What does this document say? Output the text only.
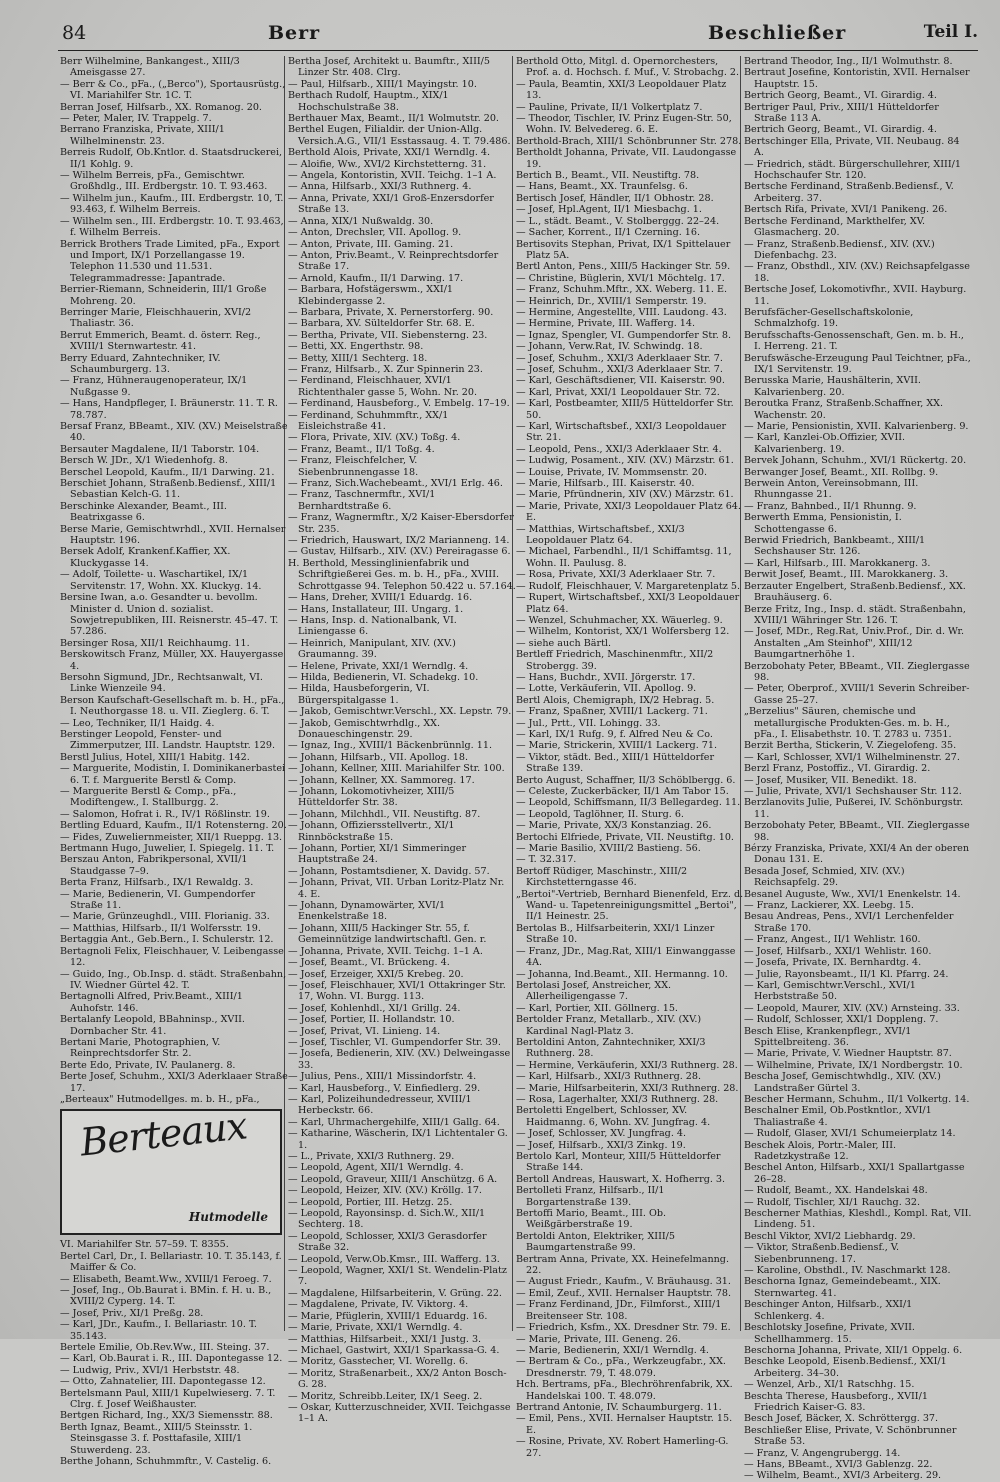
84	Berr	Beschließer	Teil I.

Berr Wilhelmine, Bankangest., XIII/3 Ameisgasse 27.

— Berr & Co., pFa., („Berco"), Sportausrüstg., VI. Mariahilfer Str. 1C. T.

Berran Josef, Hilfsarb., XX. Romanog. 20.

— Peter, Maler, IV. Trappelg. 7.

Berrano Franziska, Private, XIII/1 Wilhelminenstr. 23.

Berreis Rudolf, Ob.Kntlor. d. Staatsdruckerei, II/1 Kohlg. 9.

— Wilhelm Berreis, pFa., Gemischtwr. Großhdlg., III. Erdbergstr. 10. T. 93.463.

— Wilhelm jun., Kaufm., III. Erdbergstr. 10, T. 93.463, f. Wilhelm Berreis.

— Wilhelm sen., III. Erdbergstr. 10. T. 93.463, f. Wilhelm Berreis.

Berrick Brothers Trade Limited, pFa., Export und Import, IX/1 Porzellangasse 19. Telephon 11.530 und 11.531. Telegrammadresse: Japantrade.

Berrier-Riemann, Schneiderin, III/1 Große Mohreng. 20.

Berringer Marie, Fleischhauerin, XVI/2 Thaliastr. 36.

Berrut Emmerich, Beamt. d. österr. Reg., XVIII/1 Sternwartestr. 41.

Berry Eduard, Zahntechniker, IV. Schaumburgerg. 13.

— Franz, Hühneraugenoperateur, IX/1 Nußgasse 9.

— Hans, Handpfleger, I. Bräunerstr. 11. T. R. 78.787.

Bersaf Franz, BBeamt., XIV. (XV.) Meiselstraße 40.

Bersauter Magdalene, II/1 Taborstr. 104.

Bersch W. JDr., X/1 Wiedenhofg. 8.

Berschel Leopold, Kaufm., II/1 Darwing. 21.

Berschiet Johann, Straßenb.Bediensf., XIII/1 Sebastian Kelch-G. 11.

Berschinke Alexander, Beamt., III. Beatrixgasse 6.

Berse Marie, Gemischtwrhdl., XVII. Hernalser Hauptstr. 196.

Bersek Adolf, Krankenf.Kaffier, XX. Kluckygasse 14.

— Adolf, Toilette- u. Waschartikel, IX/1 Servitenstr. 17, Wohn. XX. Kluckyg. 14.

Bersine Iwan, a.o. Gesandter u. bevollm. Minister d. Union d. sozialist. Sowjetrepubliken, III. Reisnerstr. 45–47. T. 57.286.

Bersinger Rosa, XII/1 Reichhaumg. 11.

Berskowitsch Franz, Müller, XX. Hauyergasse 4.

Bersohn Sigmund, JDr., Rechtsanwalt, VI. Linke Wienzeile 94.

Berson Kaufschaft-Gesellschaft m. b. H., pFa., I. Neuthorgasse 18. u. VII. Zieglerg. 6. T.

— Leo, Techniker, II/1 Haidg. 4.

Berstinger Leopold, Fenster- und Zimmerputzer, III. Landstr. Hauptstr. 129.

Berstl Julius, Hotel, XIII/1 Habitg. 142.

— Marguerite, Modistin, I. Dominikanerbastei 6. T. f. Marguerite Berstl & Comp.

— Marguerite Berstl & Comp., pFa., Modiftengew., I. Stallburgg. 2.

— Salomon, Hofrat i. R., IV/1 Rößlinstr. 19.

Bertling Eduard, Kaufm., II/1 Rotensterng. 20.

— Fides, Zuweliernmeister, XII/1 Rueppg. 13.

Bertmann Hugo, Juwelier, I. Spiegelg. 11. T.

Berszau Anton, Fabrikpersonal, XVII/1 Staudgasse 7–9.

Berta Franz, Hilfsarb., IX/1 Rewaldg. 3.

— Marie, Bedienerin, VI. Gumpendorfer Straße 11.

— Marie, Grünzeughdl., VIII. Florianig. 33.

— Matthias, Hilfsarb., II/1 Wolfersstr. 19.

Bertaggia Ant., Geb.Bern., I. Schulerstr. 12.

Bertagnoli Felix, Fleischhauer, V. Leibengasse 12.

— Guido, Ing., Ob.Insp. d. städt. Straßenbahn, IV. Wiedner Gürtel 42. T.

Bertagnolli Alfred, Priv.Beamt., XIII/1 Auhofstr. 146.

Bertalanfy Leopold, BBahninsp., XVII. Dornbacher Str. 41.

Bertani Marie, Photographien, V. Reinprechtsdorfer Str. 2.

Berte Edo, Private, IV. Paulanerg. 8.

Berte Josef, Schuhm., XXI/3 Aderklaaer Straße 17.

„Berteaux" Hutmodellges. m. b. H., pFa.,

Berteaux
Hutmodelle

VI. Mariahilfer Str. 57–59. T. 8355.

Bertel Carl, Dr., I. Bellariastr. 10. T. 35.143, f. Maiffer & Co.

— Elisabeth, Beamt.Ww., XVIII/1 Feroeg. 7.

— Josef, Ing., Ob.Baurat i. BMin. f. H. u. B., XVIII/2 Cyperg. 14. T.

— Josef, Priv., XI/1 Preßg. 28.

— Karl, JDr., Kaufm., I. Bellariastr. 10. T. 35.143.

Bertele Emilie, Ob.Rev.Ww., III. Steing. 37.

— Karl, Ob.Baurat i. R., III. Dapontegasse 12.

— Ludwig, Priv., XVI/1 Herbststr. 48.

— Otto, Zahnatelier, III. Dapontegasse 12.

Bertelsmann Paul, XIII/1 Kupelwieserg. 7. T. Clrg. f. Josef Weißhauster.

Bertgen Richard, Ing., XX/3 Siemensstr. 88.

Berth Ignaz, Beamt., XIII/5 Steinsstr. 1. Steinsgasse 3. f. Posttafasile, XIII/1 Stuwerdeng. 23.

Berthe Johann, Schuhmmftr., V. Castelig. 6.

Bertha Josef, Architekt u. Baumftr., XIII/5 Linzer Str. 408. Clrg.

— Paul, Hilfsarb., XIII/1 Mayingstr. 10.

Berthach Rudolf, Hauptm., XIX/1 Hochschulstraße 38.

Berthauer Max, Beamt., II/1 Wolmutstr. 20.

Berthel Eugen, Filialdir. der Union-Allg. Versich.A.G., VII/1 Esstassaug. 4. T. 79.486.

Berthold Alois, Private, XXI/1 Werndlg. 4.

— Aloifie, Ww., XVI/2 Kirchstetterng. 31.

— Angela, Kontoristin, XVII. Teichg. 1–1 A.

— Anna, Hilfsarb., XXI/3 Ruthnerg. 4.

— Anna, Private, XXI/1 Groß-Enzersdorfer Straße 13.

— Anna, XIX/1 Nußwaldg. 30.

— Anton, Drechsler, VII. Apollog. 9.

— Anton, Private, III. Gaming. 21.

— Anton, Priv.Beamt., V. Reinprechtsdorfer Straße 17.

— Arnold, Kaufm., II/1 Darwing. 17.

— Barbara, Hofstägerswm., XXI/1 Klebindergasse 2.

— Barbara, Private, X. Pernerstorferg. 90.

— Barbara, XV. Sülteldorfer Str. 68. E.

— Bertha, Private, VII. Siebensterng. 23.

— Betti, XX. Engerthstr. 98.

— Betty, XIII/1 Sechterg. 18.

— Franz, Hilfsarb., X. Zur Spinnerin 23.

— Ferdinand, Fleischhauer, XVI/1 Richtenthaler gasse 5, Wohn. Nr. 20.

— Ferdinand, Hausbeforg., V. Embelg. 17–19.

— Ferdinand, Schuhmmftr., XX/1 Eisleichstraße 41.

— Flora, Private, XIV. (XV.) Toßg. 4.

— Franz, Beamt., II/1 Toßg. 4.

— Franz, Fleischfelcher, V. Siebenbrunnengasse 18.

— Franz, Sich.Wachebeamt., XVI/1 Erlg. 46.

— Franz, Taschnermftr., XVI/1 Bernhardtstraße 6.

— Franz, Wagnermftr., X/2 Kaiser-Ebersdorfer Str. 235.

— Friedrich, Hauswart, IX/2 Marianneng. 14.

— Gustav, Hilfsarb., XIV. (XV.) Pereiragasse 6.

H. Berthold, Messinglinienfabrik und Schriftgießerei Ges. m. b. H., pFa., XVIII. Schrottgasse 94. Telephon 50.422 u. 57.164.

— Hans, Dreher, XVIII/1 Eduardg. 16.

— Hans, Installateur, III. Ungarg. 1.

— Hans, Insp. d. Nationalbank, VI. Liniengasse 6.

— Heinrich, Manipulant, XIV. (XV.) Graumanng. 39.

— Helene, Private, XXI/1 Werndlg. 4.

— Hilda, Bedienerin, VI. Schadekg. 10.

— Hilda, Hausbeforgerin, VI. Bürgerspitalgasse 1.

— Jakob, Gemischtwr.Verschl., XX. Lepstr. 79.

— Jakob, Gemischtwrhdlg., XX. Donaueschingenstr. 29.

— Ignaz, Ing., XVIII/1 Bäckenbrünnlg. 11.

— Johann, Hilfsarb., VII. Apollog. 18.

— Johann, Kellner, XIII. Mariahilfer Str. 100.

— Johann, Kellner, XX. Sammoreg. 17.

— Johann, Lokomotivheizer, XIII/5 Hütteldorfer Str. 38.

— Johann, Milchhdl., VII. Neustiftg. 87.

— Johann, Offiziersstellvertr., XI/1 Rinnböckstraße 15.

— Johann, Portier, XI/1 Simmeringer Hauptstraße 24.

— Johann, Postamtsdiener, X. Davidg. 57.

— Johann, Privat, VII. Urban Loritz-Platz Nr. 4. E.

— Johann, Dynamowärter, XVI/1 Enenkelstraße 18.

— Johann, XIII/5 Hackinger Str. 55, f. Gemeinnützige landwirtschaftl. Gen. r.

— Johanna, Private, XVII. Teichg. 1–1 A.

— Josef, Beamt., VI. Brückeng. 4.

— Josef, Erzeiger, XXI/5 Krebeg. 20.

— Josef, Fleischhauer, XVI/1 Ottakringer Str. 17, Wohn. VI. Burgg. 113.

— Josef, Kohlenhdl., XI/1 Grillg. 24.

— Josef, Portier, II. Hollandstr. 10.

— Josef, Privat, VI. Linieng. 14.

— Josef, Tischler, VI. Gumpendorfer Str. 39.

— Josefa, Bedienerin, XIV. (XV.) Delweingasse 33.

— Julius, Pens., XIII/1 Missindorfstr. 4.

— Karl, Hausbeforg., V. Einfiedlerg. 29.

— Karl, Polizeihundedresseur, XVIII/1 Herbeckstr. 66.

— Karl, Uhrmachergehilfe, XIII/1 Gallg. 64.

— Katharine, Wäscherin, IX/1 Lichtentaler G. 1.

— L., Private, XXI/3 Ruthnerg. 29.

— Leopold, Agent, XII/1 Werndlg. 4.

— Leopold, Graveur, XIII/1 Anschützg. 6 A.

— Leopold, Heizer, XIV. (XV.) Kröllg. 17.

— Leopold, Portier, III. Hetzg. 25.

— Leopold, Rayonsinsp. d. Sich.W., XII/1 Sechterg. 18.

— Leopold, Schlosser, XXI/3 Gerasdorfer Straße 32.

— Leopold, Verw.Ob.Kmsr., III. Wafferg. 13.

— Leopold, Wagner, XXI/1 St. Wendelin-Platz 7.

— Magdalene, Hilfsarbeiterin, V. Grüng. 22.

— Magdalene, Private, IV. Viktorg. 4.

— Marie, Pfüglerin, XVIII/1 Eduardg. 16.

— Marie, Private, XXI/1 Werndlg. 4.

— Matthias, Hilfsarbeit., XXI/1 Justg. 3.

— Michael, Gastwirt, XXI/1 Sparkassa-G. 4.

— Moritz, Gasstecher, VI. Worellg. 6.

— Moritz, Straßenarbeit., XX/2 Anton Bosch-G. 28.

— Moritz, Schreibb.Leiter, IX/1 Seeg. 2.

— Oskar, Kutterzuschneider, XVII. Teichgasse 1–1 A.

Berthold Otto, Mitgl. d. Opernorchesters, Prof. a. d. Hochsch. f. Muf., V. Strobachg. 2.

— Paula, Beamtin, XXI/3 Leopoldauer Platz 13.

— Pauline, Private, II/1 Volkertplatz 7.

— Theodor, Tischler, IV. Prinz Eugen-Str. 50, Wohn. IV. Belvedereg. 6. E.

Berthold-Brach, XIII/1 Schönbrunner Str. 278.

Bertholdt Johanna, Private, VII. Laudongasse 19.

Bertich B., Beamt., VII. Neustiftg. 78.

— Hans, Beamt., XX. Traunfelsg. 6.

Bertisch Josef, Händler, II/1 Obhostr. 28.

— Josef, Hpl.Agent, II/1 Miesbachg. 1.

— L., städt. Beamt., V. Stolberggg. 22–24.

— Sacher, Korrent., II/1 Czerning. 16.

Bertisovits Stephan, Privat, IX/1 Spittelauer Platz 5A.

Bertl Anton, Pens., XIII/5 Hackinger Str. 59.

— Christine, Büglerin, XVI/1 Möchtelg. 17.

— Franz, Schuhm.Mftr., XX. Weberg. 11. E.

— Heinrich, Dr., XVIII/1 Semperstr. 19.

— Hermine, Angestellte, VIII. Laudong. 43.

— Hermine, Private, III. Wafferg. 14.

— Ignaz, Spengler, VI. Gumpendorfer Str. 8.

— Johann, Verw.Rat, IV. Schwindg. 18.

— Josef, Schuhm., XXI/3 Aderklaaer Str. 7.

— Josef, Schuhm., XXI/3 Aderklaaer Str. 7.

— Karl, Geschäftsdiener, VII. Kaiserstr. 90.

— Karl, Privat, XXI/1 Leopoldauer Str. 72.

— Karl, Postbeamter, XIII/5 Hütteldorfer Str. 50.

— Karl, Wirtschaftsbef., XXI/3 Leopoldauer Str. 21.

— Leopold, Pens., XXI/3 Aderklaaer Str. 4.

— Ludwig, Posament., XIV. (XV.) Märzstr. 61.

— Louise, Private, IV. Mommsenstr. 20.

— Marie, Hilfsarb., III. Kaiserstr. 40.

— Marie, Pfründnerin, XIV (XV.) Märzstr. 61.

— Marie, Private, XXI/3 Leopoldauer Platz 64. E.

— Matthias, Wirtschaftsbef., XXI/3 Leopoldauer Platz 64.

— Michael, Farbendhl., II/1 Schiffamtsg. 11, Wohn. II. Paulusg. 8.

— Rosa, Private, XXI/3 Aderklaaer Str. 7.

— Rudolf, Fleischhauer, V. Margaretenplatz 5.

— Rupert, Wirtschaftsbef., XXI/3 Leopoldauer Platz 64.

— Wenzel, Schuhmacher, XX. Wäuerleg. 9.

— Wilhelm, Kontorist, XX/1 Wolfersberg 12.

— siehe auch Bärtl.

Bertleff Friedrich, Maschinenmftr., XII/2 Strobergg. 39.

— Hans, Buchdr., XVII. Jörgerstr. 17.

— Lotte, Verkäuferin, VII. Apollog. 9.

Bertl Alois, Chemigraph, IX/2 Hebrag. 5.

— Franz, Spaßner, XVIII/1 Lackerg. 71.

— Jul., Prtt., VII. Lohingg. 33.

— Karl, IX/1 Rufg. 9, f. Alfred Neu & Co.

— Marie, Strickerin, XVIII/1 Lackerg. 71.

— Viktor, städt. Bed., XIII/1 Hütteldorfer Straße 139.

Berto August, Schaffner, II/3 Schöblbergg. 6.

— Celeste, Zuckerbäcker, II/1 Am Tabor 15.

— Leopold, Schiffsmann, II/3 Bellegardeg. 11.

— Leopold, Taglöhner, II. Sturg. 6.

— Marie, Private, XX/3 Konstanziag. 26.

Bertochi Elfriede, Private, VII. Neustiftg. 10.

— Marie Basilio, XVIII/2 Bastieng. 56.

— T. 32.317.

Bertoff Rüdiger, Maschinstr., XIII/2 Kirchstetterngasse 46.

„Bertoi"-Vertrieb, Bernhard Bienenfeld, Erz. d. Wand- u. Tapetenreinigungsmittel „Bertoi", II/1 Heinestr. 25.

Bertolas B., Hilfsarbeiterin, XXI/1 Linzer Straße 10.

— Franz, JDr., Mag.Rat, XIII/1 Einwanggasse 4A.

— Johanna, Ind.Beamt., XII. Hermanng. 10.

Bertolasi Josef, Anstreicher, XX. Allerheiligengasse 7.

— Karl, Portier, XII. Göllnerg. 15.

Bertolder Franz, Metallarb., XIV. (XV.) Kardinal Nagl-Platz 3.

Bertoldini Anton, Zahntechniker, XXI/3 Ruthnerg. 28.

— Hermine, Verkäuferin, XXI/3 Ruthnerg. 28.

— Karl, Hilfsarb., XXI/3 Ruthnerg. 28.

— Marie, Hilfsarbeiterin, XXI/3 Ruthnerg. 28.

— Rosa, Lagerhalter, XXI/3 Ruthnerg. 28.

Bertoletti Engelbert, Schlosser, XV. Haidmanng. 6, Wohn. XV. Jungfrag. 4.

— Josef, Schlosser, XV. Jungfrag. 4.

— Josef, Hilfsarb., XXI/3 Zinkg. 19.

Bertolo Karl, Monteur, XIII/5 Hütteldorfer Straße 144.

Bertoll Andreas, Hauswart, X. Hofherrg. 3.

Bertolleti Franz, Hilfsarb., II/1 Borgartenstraße 139.

Bertoffi Mario, Beamt., III. Ob. Weißgärberstraße 19.

Bertoldi Anton, Elektriker, XIII/5 Baumgartenstraße 99.

Bertram Anna, Private, XX. Heinefelmanng. 22.

— August Friedr., Kaufm., V. Bräuhausg. 31.

— Emil, Zeuf., XVII. Hernalser Hauptstr. 78.

— Franz Ferdinand, JDr., Filmforst., XIII/1 Breitenseer Str. 108.

— Friedrich, Ksfm., XX. Dresdner Str. 79. E.

— Marie, Private, III. Geneng. 26.

— Marie, Bedienerin, XXI/1 Werndlg. 4.

— Bertram & Co., pFa., Werkzeugfabr., XX. Dresdnerstr. 79, T. 48.079.

Hch. Bertrams, pFa., Blechröhrenfabrik, XX. Handelskai 100. T. 48.079.

Bertrand Antonie, IV. Schaumburgerg. 11.

— Emil, Pens., XVII. Hernalser Hauptstr. 15. E.

— Rosine, Private, XV. Robert Hamerling-G. 27.

Bertrand Theodor, Ing., II/1 Wolmuthstr. 8.

Bertraut Josefine, Kontoristin, XVII. Hernalser Hauptstr. 15.

Bertrich Georg, Beamt., VI. Girardig. 4.

Bertriger Paul, Priv., XIII/1 Hütteldorfer Straße 113 A.

Bertrich Georg, Beamt., VI. Girardig. 4.

Bertschinger Ella, Private, VII. Neubaug. 84 A.

— Friedrich, städt. Bürgerschullehrer, XIII/1 Hochschaufer Str. 120.

Bertsche Ferdinand, Straßenb.Bediensf., V. Arbeiterg. 37.

Bertsch Rifa, Private, XVI/1 Panikeng. 26.

Bertsche Ferdinand, Markthelfer, XV. Glasmacherg. 20.

— Franz, Straßenb.Bediensf., XIV. (XV.) Diefenbachg. 23.

— Franz, Obsthdl., XIV. (XV.) Reichsapfelgasse 18.

Bertsche Josef, Lokomotivfhr., XVII. Hayburg. 11.

Berufsfächer-Gesellschaftskolonie, Schmalzhofg. 19.

Berufsschafts-Genossenschaft, Gen. m. b. H., I. Herreng. 21. T.

Berufswäsche-Erzeugung Paul Teichtner, pFa., IX/1 Servitenstr. 19.

Berusska Marie, Haushälterin, XVII. Kalvarienberg. 20.

Beroutka Franz, Straßenb.Schaffner, XX. Wachenstr. 20.

— Marie, Pensionistin, XVII. Kalvarienberg. 9.

— Karl, Kanzlei-Ob.Offizier, XVII. Kalvarienberg. 19.

Bervek Johann, Schuhm., XVI/1 Rückertg. 20.

Berwanger Josef, Beamt., XII. Rollbg. 9.

Berwein Anton, Vereinsobmann, III. Rhunngasse 21.

— Franz, Bahnbed., II/1 Rhunng. 9.

Berwerth Emma, Pensionistin, I. Schottengasse 6.

Berwid Friedrich, Bankbeamt., XIII/1 Sechshauser Str. 126.

— Karl, Hilfsarb., III. Marokkanerg. 3.

Berwit Josef, Beamt., III. Marokkanerg. 3.

Berzauter Engelbert, Straßenb.Bediensf., XX. Brauhäuserg. 6.

Berze Fritz, Ing., Insp. d. städt. Straßenbahn, XVIII/1 Währinger Str. 126. T.

— Josef, MDr., Reg.Rat, Univ.Prof., Dir. d. Wr. Anstalten „Am Steinhof", XIII/12 Baumgartnerhöhe 1.

Berzobohaty Peter, BBeamt., VII. Zieglergasse 98.

— Peter, Oberprof., XVIII/1 Severin Schreiber-Gasse 25–27.

„Berzelius" Säuren, chemische und metallurgische Produkten-Ges. m. b. H., pFa., I. Elisabethstr. 10. T. 2783 u. 7351.

Berzit Bertha, Stickerin, V. Ziegelofeng. 35.

— Karl, Schlosser, XVI/1 Wilhelminenstr. 27.

Berzl Franz, Postoffiz., VI. Girardig. 2.

— Josef, Musiker, VII. Benedikt. 18.

— Julie, Private, XVI/1 Sechshauser Str. 112.

Berzlanovits Julie, Pußerei, IV. Schönburgstr. 11.

Berzobohaty Peter, BBeamt., VII. Zieglergasse 98.

Bérzy Franziska, Private, XXI/4 An der oberen Donau 131. E.

Besada Josef, Schmied, XIV. (XV.) Reichsapfelg. 29.

Besanel Auguste, Ww., XVI/1 Enenkelstr. 14.

— Franz, Lackierer, XX. Leebg. 15.

Besau Andreas, Pens., XVI/1 Lerchenfelder Straße 170.

— Franz, Angest., II/1 Wehlistr. 160.

— Josef, Hilfsarb., XXI/1 Wehlistr. 160.

— Josefa, Private, IX. Bernhardtg. 4.

— Julie, Rayonsbeamt., II/1 Kl. Pfarrg. 24.

— Karl, Gemischtwr.Verschl., XVI/1 Herbststraße 50.

— Leopold, Maurer, XIV. (XV.) Arnsteing. 33.

— Rudolf, Schlosser, XXI/1 Doppleng. 7.

Besch Elise, Krankenpflegr., XVI/1 Spittelbreiteng. 36.

— Marie, Private, V. Wiedner Hauptstr. 87.

— Wilhelmine, Private, IX/1 Nordbergstr. 10.

Bescha Josef, Gemischtwhdlg., XIV. (XV.) Landstraßer Gürtel 3.

Bescher Hermann, Schuhm., II/1 Volkertg. 14.

Beschalner Emil, Ob.Postkntlor., XVI/1 Thaliastraße 4.

— Rudolf, Glaser, XVI/1 Schumeierplatz 14.

Beschek Alois, Portr.-Maler, III. Radetzkystraße 12.

Beschel Anton, Hilfsarb., XXI/1 Spallartgasse 26–28.

— Rudolf, Beamt., XX. Handelskai 48.

— Rudolf, Tischler, XI/1 Rauchg. 32.

Bescherner Mathias, Kleshdl., Kompl. Rat, VII. Lindeng. 51.

Beschl Viktor, XVI/2 Liebhardg. 29.

— Viktor, Straßenb.Bediensf., V. Siebenbrunneng. 17.

— Karoline, Obsthdl., IV. Naschmarkt 128.

Beschorna Ignaz, Gemeindebeamt., XIX. Sternwarteg. 41.

Beschinger Anton, Hilfsarb., XXI/1 Schlenkerg. 4.

Beschlotsky Josefine, Private, XVII. Schellhammerg. 15.

Beschorna Johanna, Private, XII/1 Oppelg. 6.

Beschke Leopold, Eisenb.Bediensf., XXI/1 Arbeiterg. 34–30.

— Wenzel, Arb., XI/1 Ratschhg. 15.

Beschta Therese, Hausbeforg., XVII/1 Friedrich Kaiser-G. 83.

Besch Josef, Bäcker, X. Schröttergg. 37.

Beschließer Elise, Private, V. Schönbrunner Straße 53.

— Franz, V. Angengrubergg. 14.

— Hans, BBeamt., XVI/3 Gablenzg. 22.

— Wilhelm, Beamt., XVI/3 Arbeiterg. 29.
